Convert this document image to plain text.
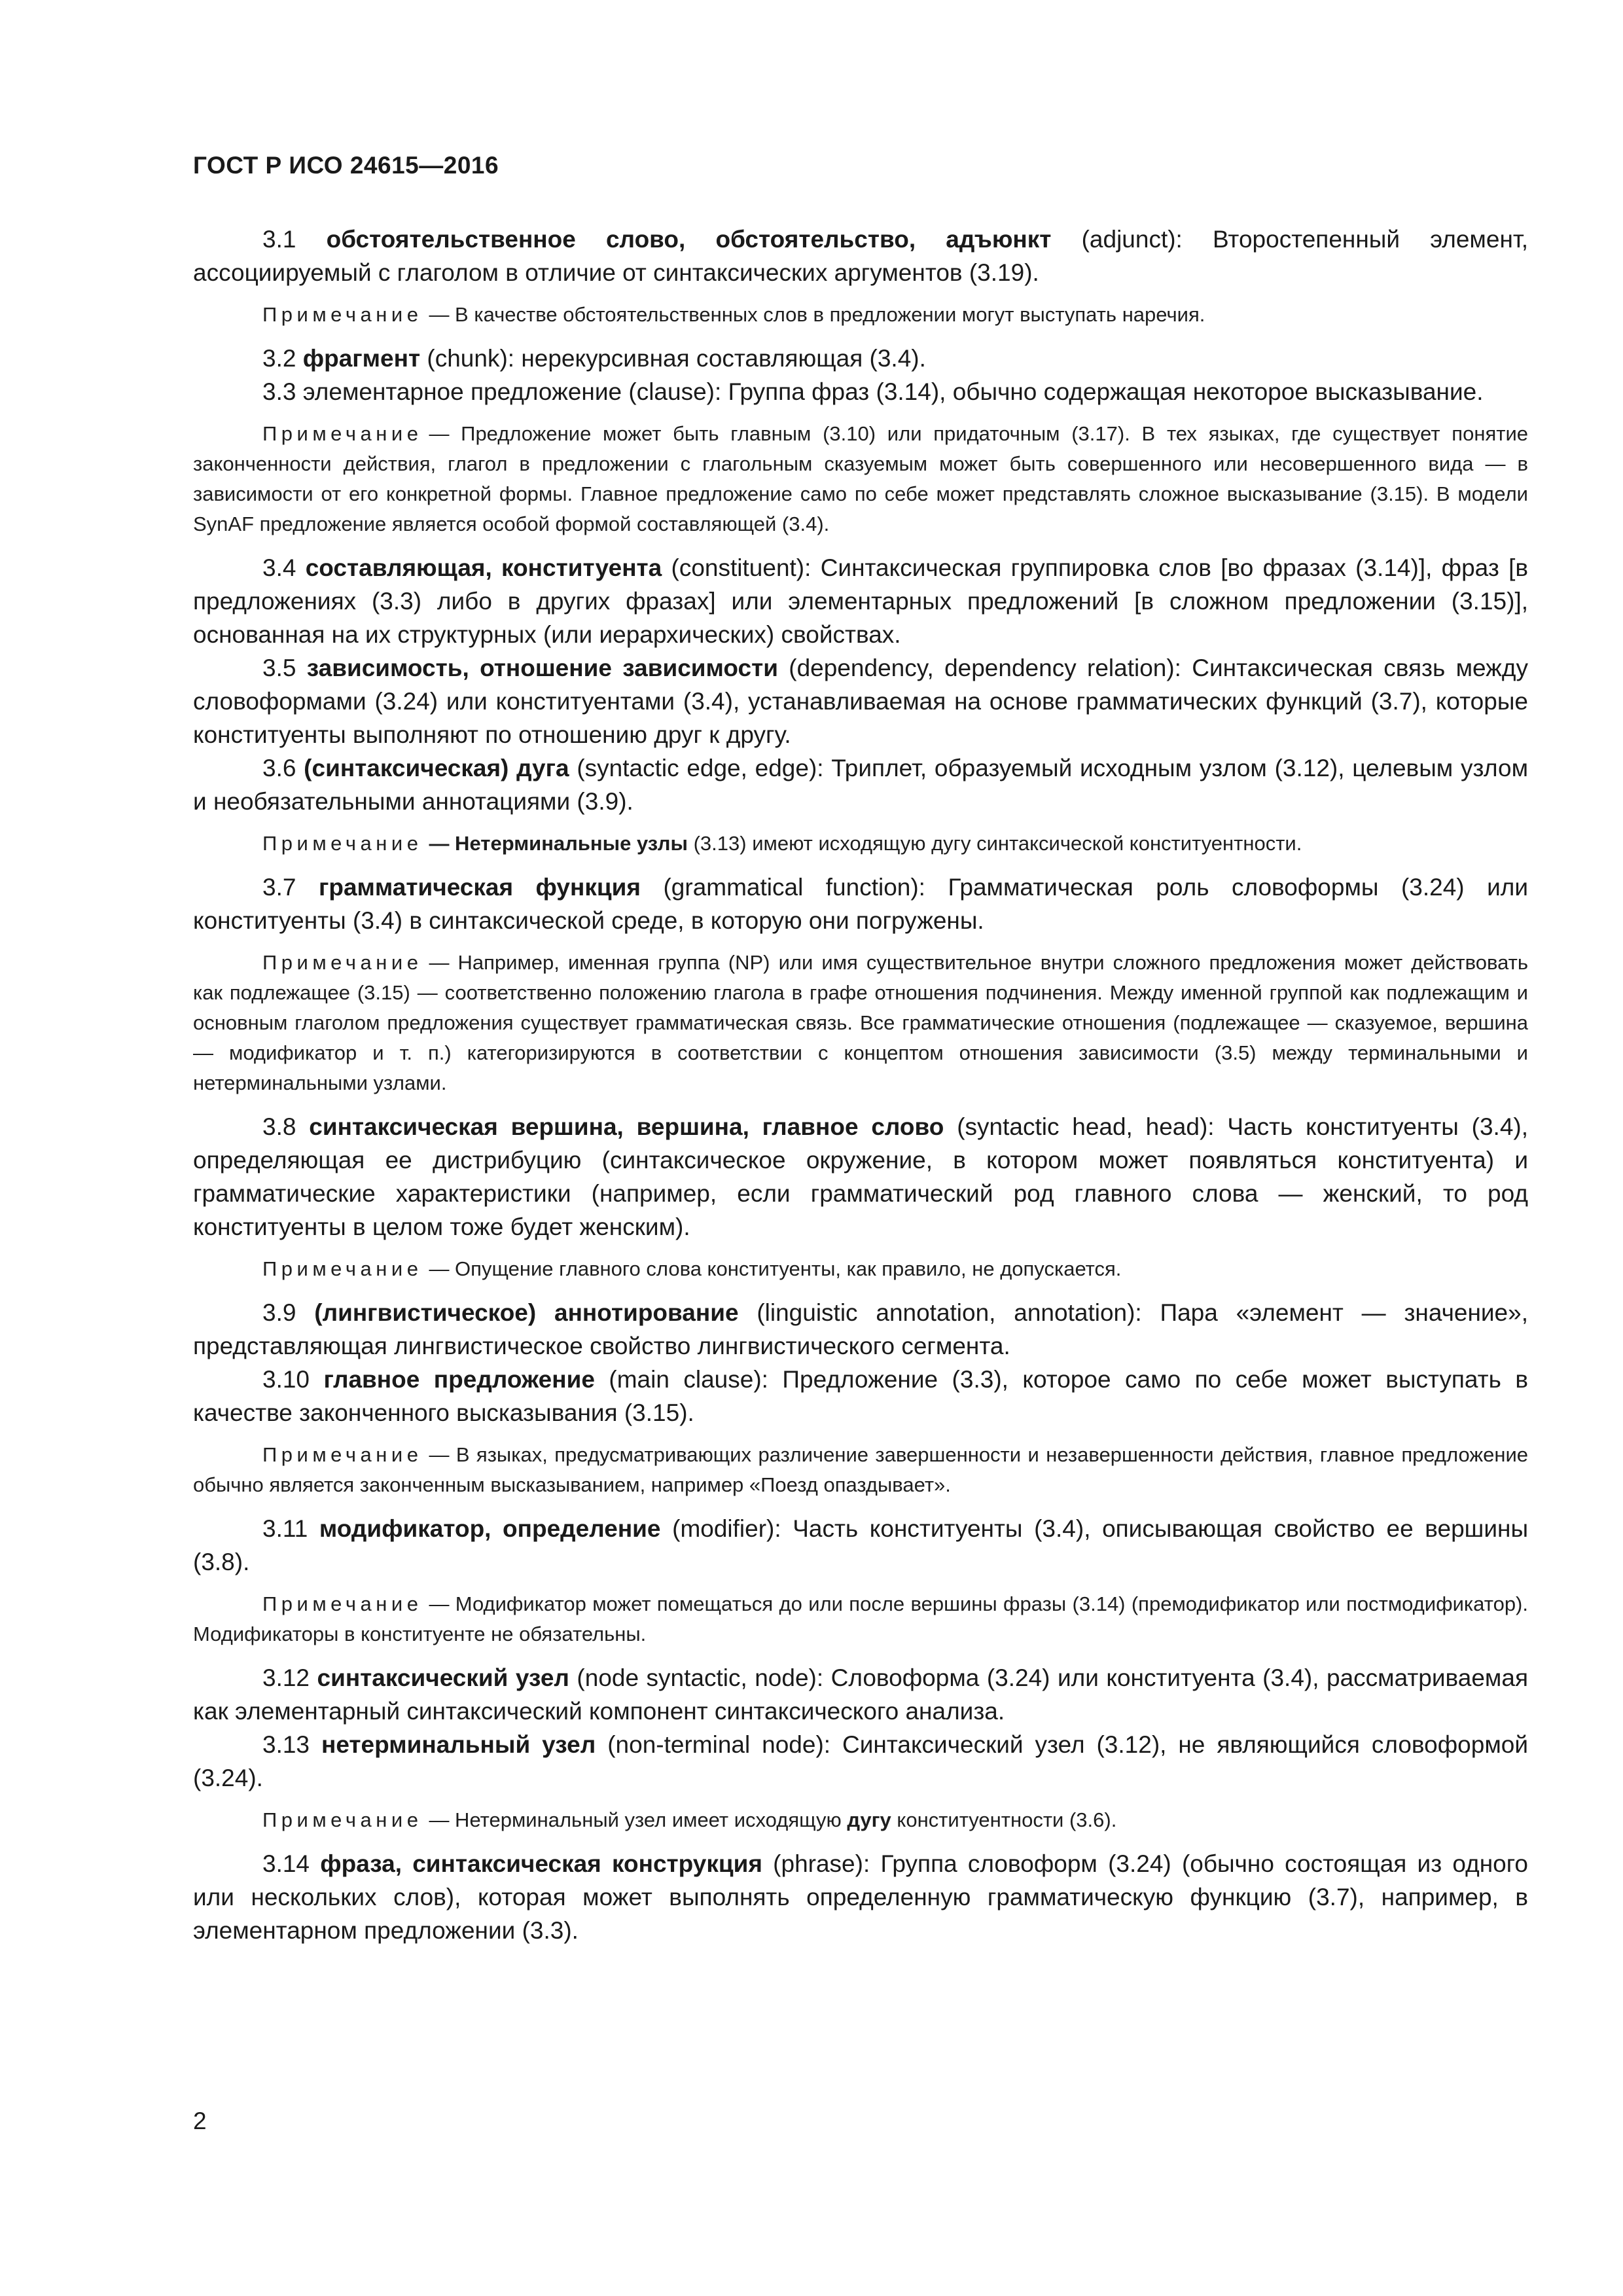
ГОСТ Р ИСО 24615—2016

3.1 обстоятельственное слово, обстоятельство, адъюнкт (adjunct): Второстепенный элемент, ассоциируемый с глаголом в отличие от синтаксических аргументов (3.19).

Примечание — В качестве обстоятельственных слов в предложении могут выступать наречия.

3.2 фрагмент (chunk): нерекурсивная составляющая (3.4).

3.3 элементарное предложение (clause): Группа фраз (3.14), обычно содержащая некоторое высказывание.

Примечание — Предложение может быть главным (3.10) или придаточным (3.17). В тех языках, где существует понятие законченности действия, глагол в предложении с глагольным сказуемым может быть совершенного или несовершенного вида — в зависимости от его конкретной формы. Главное предложение само по себе может представлять сложное высказывание (3.15). В модели SynAF предложение является особой формой составляющей (3.4).

3.4 составляющая, конституента (constituent): Синтаксическая группировка слов [во фразах (3.14)], фраз [в предложениях (3.3) либо в других фразах] или элементарных предложений [в сложном предложении (3.15)], основанная на их структурных (или иерархических) свойствах.

3.5 зависимость, отношение зависимости (dependency, dependency relation): Синтаксическая связь между словоформами (3.24) или конституентами (3.4), устанавливаемая на основе грамматических функций (3.7), которые конституенты выполняют по отношению друг к другу.

3.6 (синтаксическая) дуга (syntactic edge, edge): Триплет, образуемый исходным узлом (3.12), целевым узлом и необязательными аннотациями (3.9).

Примечание — Нетерминальные узлы (3.13) имеют исходящую дугу синтаксической конституентности.

3.7 грамматическая функция (grammatical function): Грамматическая роль словоформы (3.24) или конституенты (3.4) в синтаксической среде, в которую они погружены.

Примечание — Например, именная группа (NP) или имя существительное внутри сложного предложения может действовать как подлежащее (3.15) — соответственно положению глагола в графе отношения подчинения. Между именной группой как подлежащим и основным глаголом предложения существует грамматическая связь. Все грамматические отношения (подлежащее — сказуемое, вершина — модификатор и т. п.) категоризируются в соответствии с концептом отношения зависимости (3.5) между терминальными и нетерминальными узлами.

3.8 синтаксическая вершина, вершина, главное слово (syntactic head, head): Часть конституенты (3.4), определяющая ее дистрибуцию (синтаксическое окружение, в котором может появляться конституента) и грамматические характеристики (например, если грамматический род главного слова — женский, то род конституенты в целом тоже будет женским).

Примечание — Опущение главного слова конституенты, как правило, не допускается.

3.9 (лингвистическое) аннотирование (linguistic annotation, annotation): Пара «элемент — значение», представляющая лингвистическое свойство лингвистического сегмента.

3.10 главное предложение (main clause): Предложение (3.3), которое само по себе может выступать в качестве законченного высказывания (3.15).

Примечание — В языках, предусматривающих различение завершенности и незавершенности действия, главное предложение обычно является законченным высказыванием, например «Поезд опаздывает».

3.11 модификатор, определение (modifier): Часть конституенты (3.4), описывающая свойство ее вершины (3.8).

Примечание — Модификатор может помещаться до или после вершины фразы (3.14) (премодификатор или постмодификатор). Модификаторы в конституенте не обязательны.

3.12 синтаксический узел (node syntactic, node): Словоформа (3.24) или конституента (3.4), рассматриваемая как элементарный синтаксический компонент синтаксического анализа.

3.13 нетерминальный узел (non-terminal node): Синтаксический узел (3.12), не являющийся словоформой (3.24).

Примечание — Нетерминальный узел имеет исходящую дугу конституентности (3.6).

3.14 фраза, синтаксическая конструкция (phrase): Группа словоформ (3.24) (обычно состоящая из одного или нескольких слов), которая может выполнять определенную грамматическую функцию (3.7), например, в элементарном предложении (3.3).

2
